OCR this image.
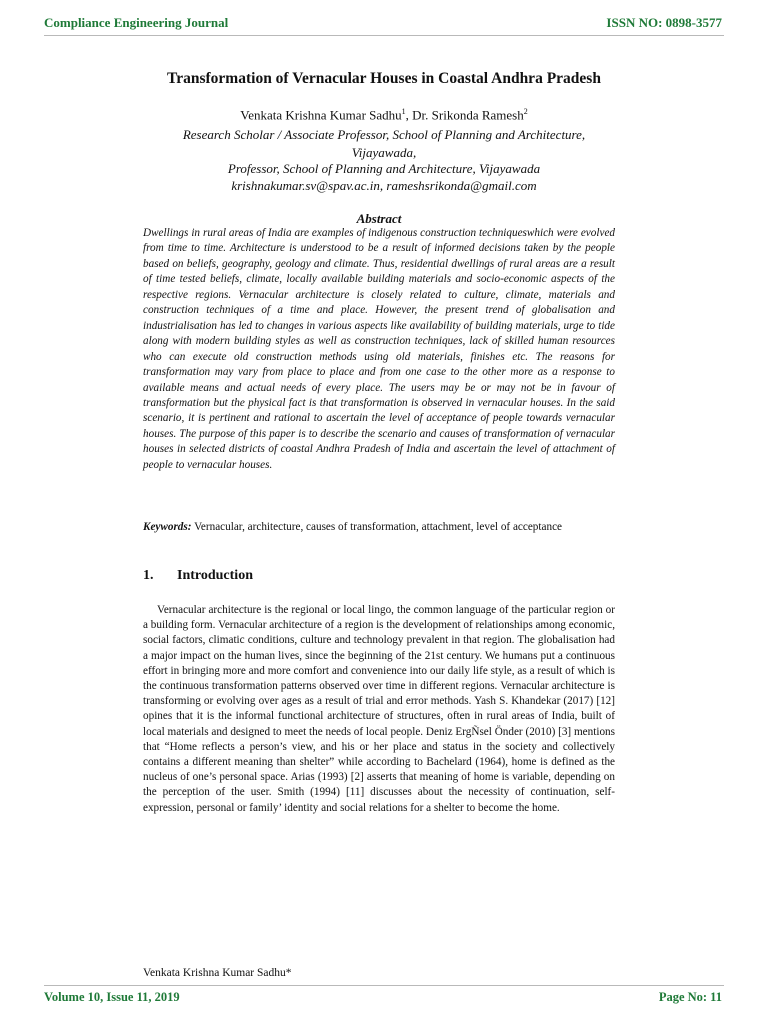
Compliance Engineering Journal	ISSN NO: 0898-3577
Transformation of Vernacular Houses in Coastal Andhra Pradesh
Venkata Krishna Kumar Sadhu$^1$, Dr. Srikonda Ramesh$^2$
Research Scholar / Associate Professor, School of Planning and Architecture, Vijayawada,
Professor, School of Planning and Architecture, Vijayawada
krishnakumar.sv@spav.ac.in, rameshsrikonda@gmail.com
Abstract
Dwellings in rural areas of India are examples of indigenous construction techniqueswhich were evolved from time to time. Architecture is understood to be a result of informed decisions taken by the people based on beliefs, geography, geology and climate. Thus, residential dwellings of rural areas are a result of time tested beliefs, climate, locally available building materials and socio-economic aspects of the respective regions. Vernacular architecture is closely related to culture, climate, materials and construction techniques of a time and place. However, the present trend of globalisation and industrialisation has led to changes in various aspects like availability of building materials, urge to tide along with modern building styles as well as construction techniques, lack of skilled human resources who can execute old construction methods using old materials, finishes etc. The reasons for transformation may vary from place to place and from one case to the other more as a response to available means and actual needs of every place. The users may be or may not be in favour of transformation but the physical fact is that transformation is observed in vernacular houses. In the said scenario, it is pertinent and rational to ascertain the level of acceptance of people towards vernacular houses. The purpose of this paper is to describe the scenario and causes of transformation of vernacular houses in selected districts of coastal Andhra Pradesh of India and ascertain the level of attachment of people to vernacular houses.
Keywords: Vernacular, architecture, causes of transformation, attachment, level of acceptance
1. Introduction

Vernacular architecture is the regional or local lingo, the common language of the particular region or a building form. Vernacular architecture of a region is the development of relationships among economic, social factors, climatic conditions, culture and technology prevalent in that region. The globalisation had a major impact on the human lives, since the beginning of the 21st century. We humans put a continuous effort in bringing more and more comfort and convenience into our daily life style, as a result of which is the continuous transformation patterns observed over time in different regions. Vernacular architecture is transforming or evolving over ages as a result of trial and error methods. Yash S. Khandekar (2017) [12] opines that it is the informal functional architecture of structures, often in rural areas of India, built of local materials and designed to meet the needs of local people. Deniz ErgÑsel Önder (2010) [3] mentions that “Home reflects a person’s view, and his or her place and status in the society and collectively contains a different meaning than shelter” while according to Bachelard (1964), home is defined as the nucleus of one’s personal space. Arias (1993) [2] asserts that meaning of home is variable, depending on the perception of the user. Smith (1994) [11] discusses about the necessity of continuation, self-expression, personal or family’ identity and social relations for a shelter to become the home.

Venkata Krishna Kumar Sadhu*
Volume 10, Issue 11, 2019	Page No: 11
